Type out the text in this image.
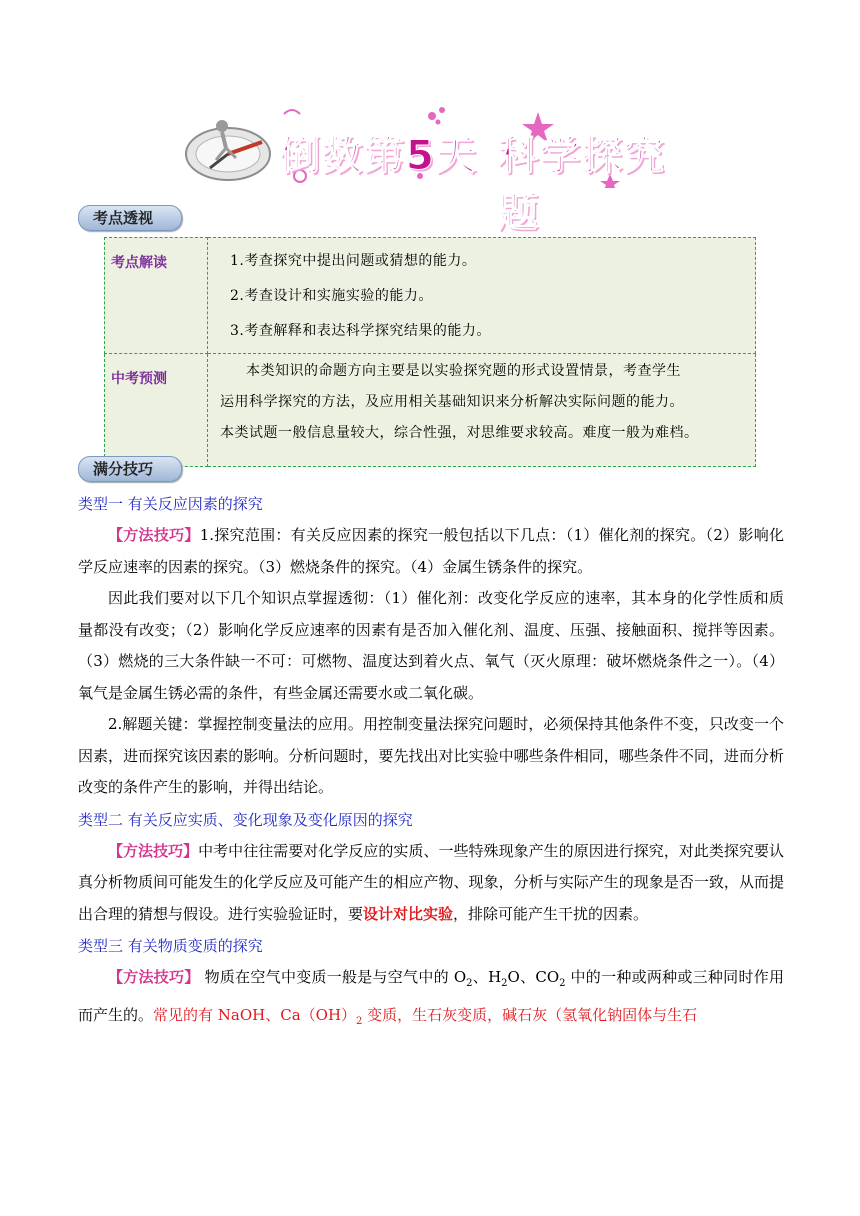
倒数第5天 科学探究题
考点透视
考点解读	1.考查探究中提出问题或猜想的能力。
2.考查设计和实施实验的能力。
3.考查解释和表达科学探究结果的能力。

中考预测	本类知识的命题方向主要是以实验探究题的形式设置情景，考查学生
运用科学探究的方法，及应用相关基础知识来分析解决实际问题的能力。
本类试题一般信息量较大，综合性强，对思维要求较高。难度一般为难档。
满分技巧
类型一 有关反应因素的探究

【方法技巧】1.探究范围：有关反应因素的探究一般包括以下几点：（1）催化剂的探究。（2）影响化学反应速率的因素的探究。（3）燃烧条件的探究。（4）金属生锈条件的探究。

因此我们要对以下几个知识点掌握透彻：（1）催化剂：改变化学反应的速率，其本身的化学性质和质量都没有改变；（2）影响化学反应速率的因素有是否加入催化剂、温度、压强、接触面积、搅拌等因素。（3）燃烧的三大条件缺一不可：可燃物、温度达到着火点、氧气（灭火原理：破坏燃烧条件之一）。（4）氧气是金属生锈必需的条件，有些金属还需要水或二氧化碳。

2.解题关键：掌握控制变量法的应用。用控制变量法探究问题时，必须保持其他条件不变，只改变一个因素，进而探究该因素的影响。分析问题时，要先找出对比实验中哪些条件相同，哪些条件不同，进而分析改变的条件产生的影响，并得出结论。

类型二 有关反应实质、变化现象及变化原因的探究

【方法技巧】中考中往往需要对化学反应的实质、一些特殊现象产生的原因进行探究，对此类探究要认真分析物质间可能发生的化学反应及可能产生的相应产物、现象，分析与实际产生的现象是否一致，从而提出合理的猜想与假设。进行实验验证时，要设计对比实验，排除可能产生干扰的因素。

类型三 有关物质变质的探究

【方法技巧】 物质在空气中变质一般是与空气中的 $O_2$、$H_2O$、$CO_2$ 中的一种或两种或三种同时作用而产生的。常见的有 NaOH、$Ca(OH)_2$ 变质，生石灰变质，碱石灰（氢氧化钠固体与生石
